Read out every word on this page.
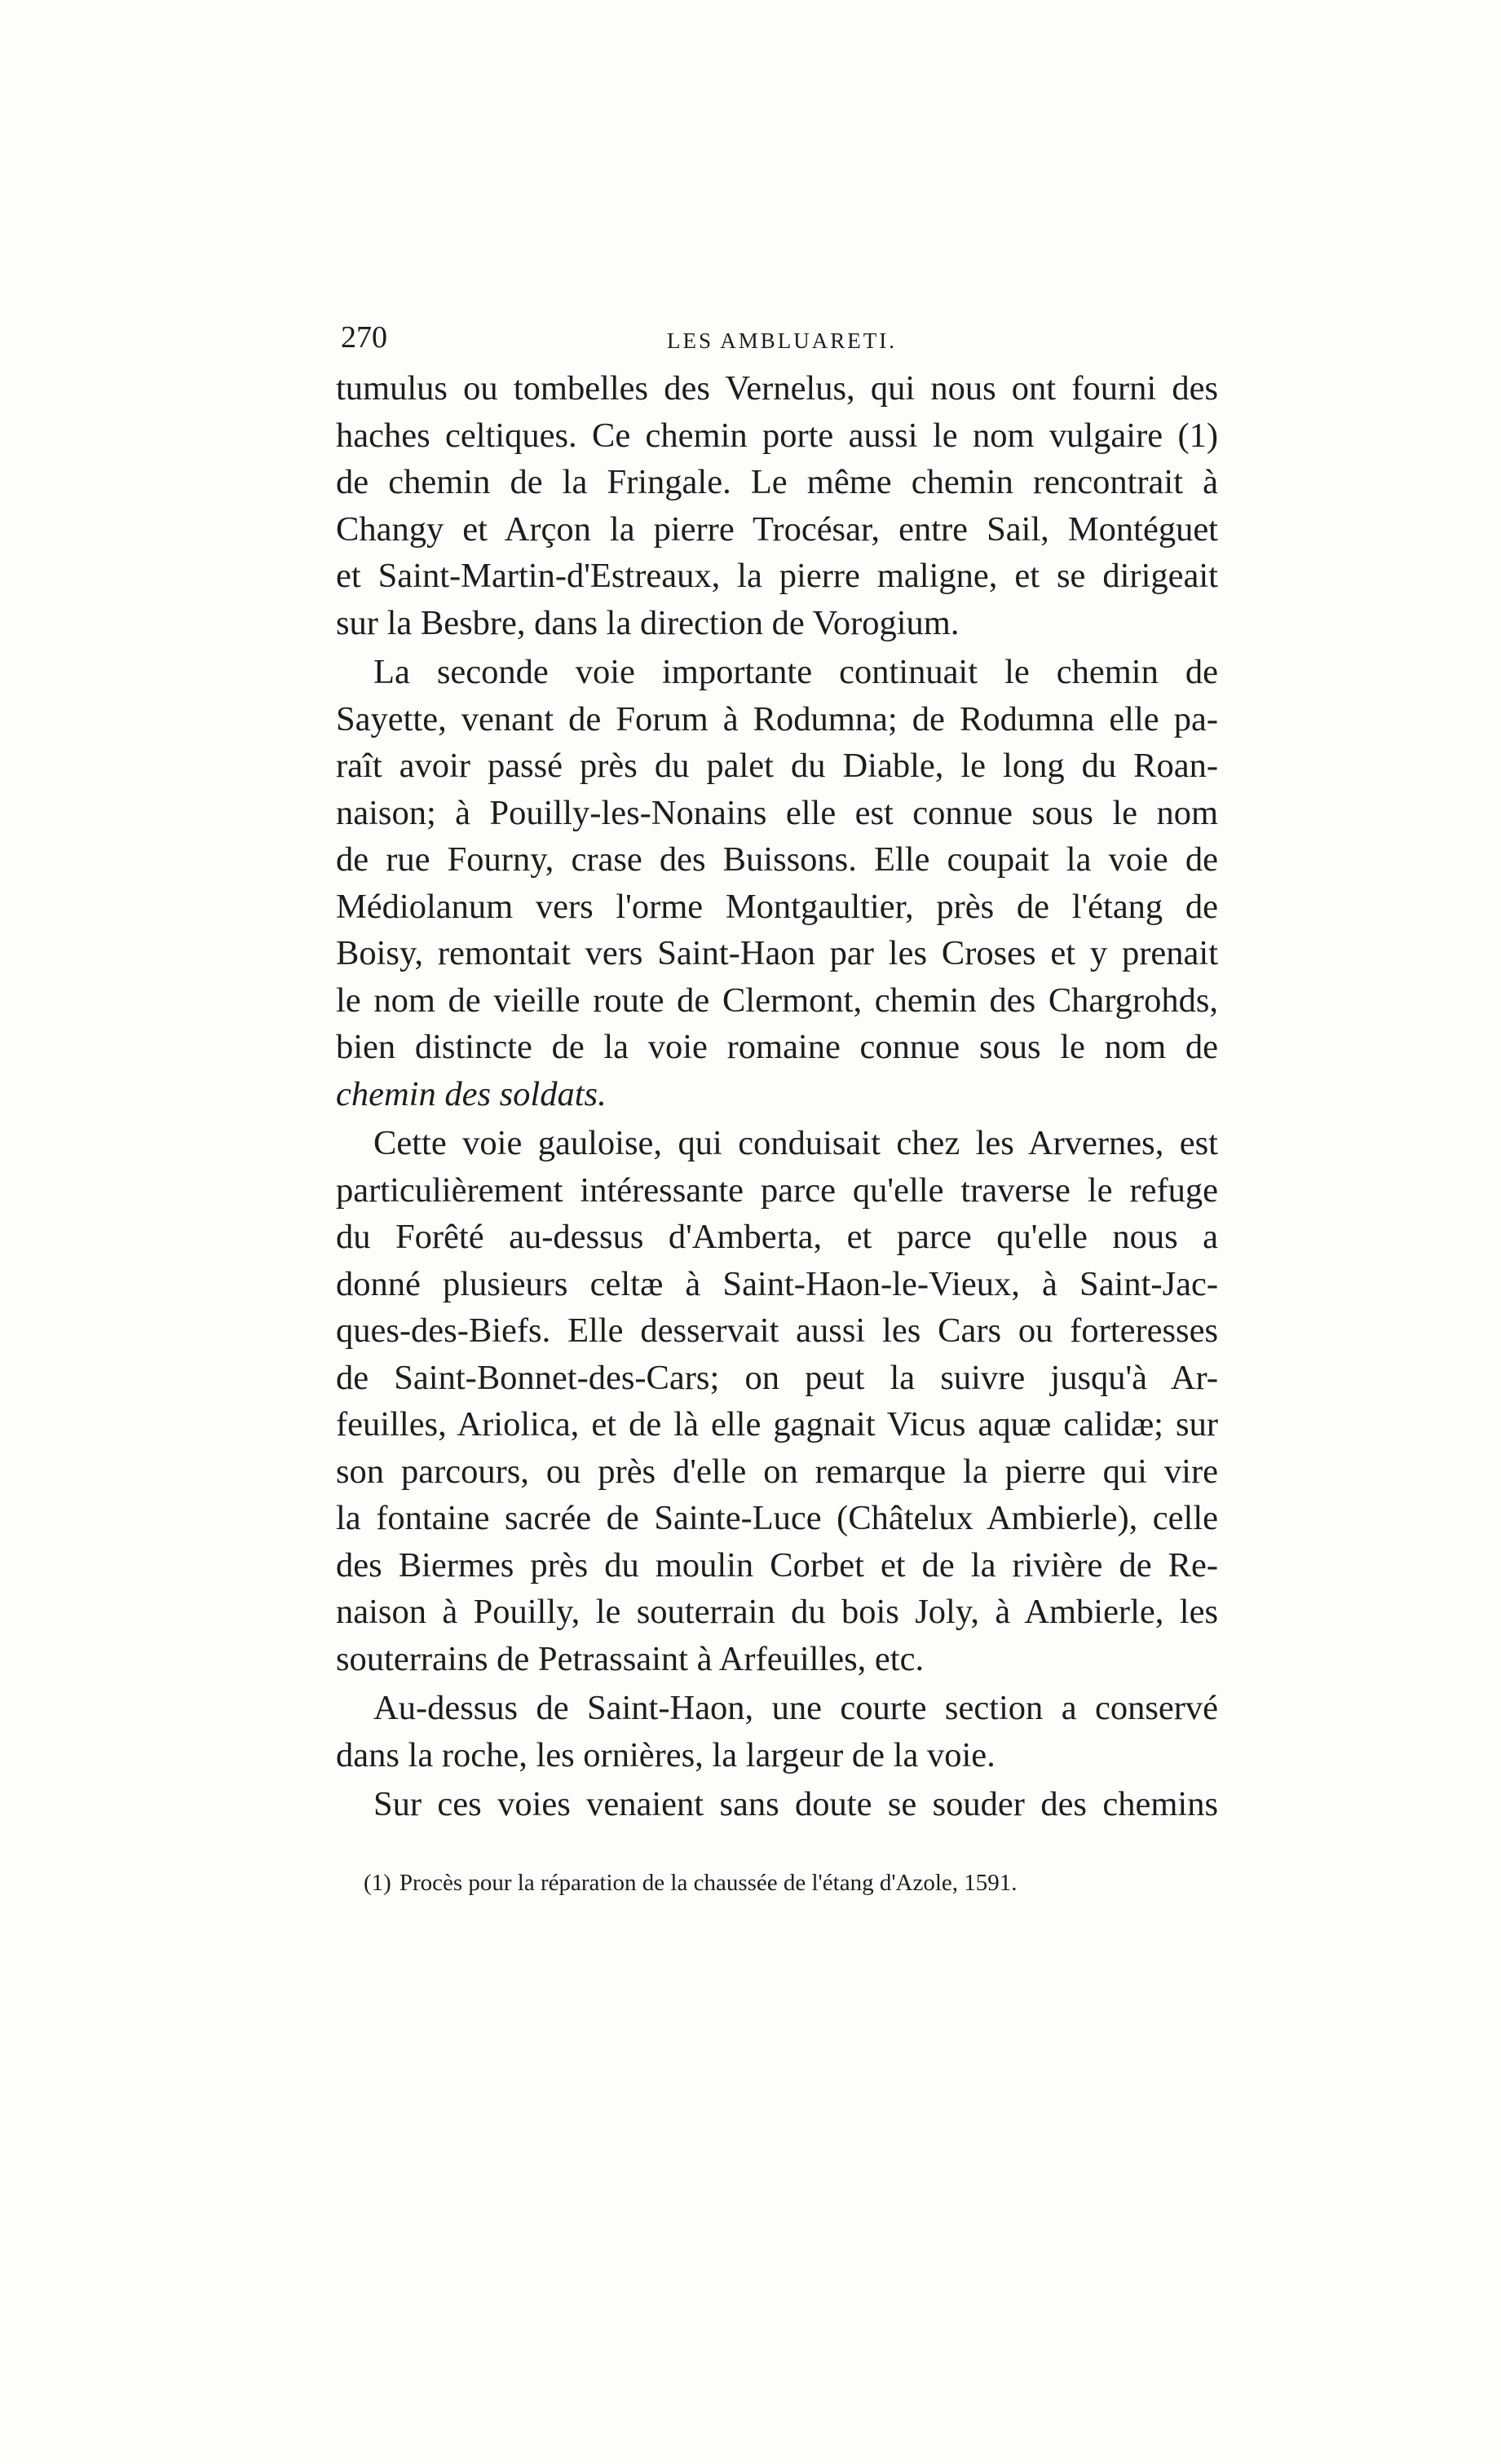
270	LES AMBLUARETI.
tumulus ou tombelles des Vernelus, qui nous ont fourni des
haches celtiques. Ce chemin porte aussi le nom vulgaire (1)
de chemin de la Fringale. Le même chemin rencontrait à
Changy et Arçon la pierre Trocésar, entre Sail, Montéguet
et Saint-Martin-d'Estreaux, la pierre maligne, et se dirigeait
sur la Besbre, dans la direction de Vorogium.
La seconde voie importante continuait le chemin de
Sayette, venant de Forum à Rodumna; de Rodumna elle pa-
raît avoir passé près du palet du Diable, le long du Roan-
naison; à Pouilly-les-Nonains elle est connue sous le nom
de rue Fourny, crase des Buissons. Elle coupait la voie de
Médiolanum vers l'orme Montgaultier, près de l'étang de
Boisy, remontait vers Saint-Haon par les Croses et y prenait
le nom de vieille route de Clermont, chemin des Chargrohds,
bien distincte de la voie romaine connue sous le nom de
chemin des soldats.
Cette voie gauloise, qui conduisait chez les Arvernes, est
particulièrement intéressante parce qu'elle traverse le refuge
du Forêté au-dessus d'Amberta, et parce qu'elle nous a
donné plusieurs celtæ à Saint-Haon-le-Vieux, à Saint-Jac-
ques-des-Biefs. Elle desservait aussi les Cars ou forteresses
de Saint-Bonnet-des-Cars; on peut la suivre jusqu'à Ar-
feuilles, Ariolica, et de là elle gagnait Vicus aquæ calidæ; sur
son parcours, ou près d'elle on remarque la pierre qui vire
la fontaine sacrée de Sainte-Luce (Châtelux Ambierle), celle
des Biermes près du moulin Corbet et de la rivière de Re-
naison à Pouilly, le souterrain du bois Joly, à Ambierle, les
souterrains de Petrassaint à Arfeuilles, etc.
Au-dessus de Saint-Haon, une courte section a conservé
dans la roche, les ornières, la largeur de la voie.
Sur ces voies venaient sans doute se souder des chemins
(1) Procès pour la réparation de la chaussée de l'étang d'Azole, 1591.
